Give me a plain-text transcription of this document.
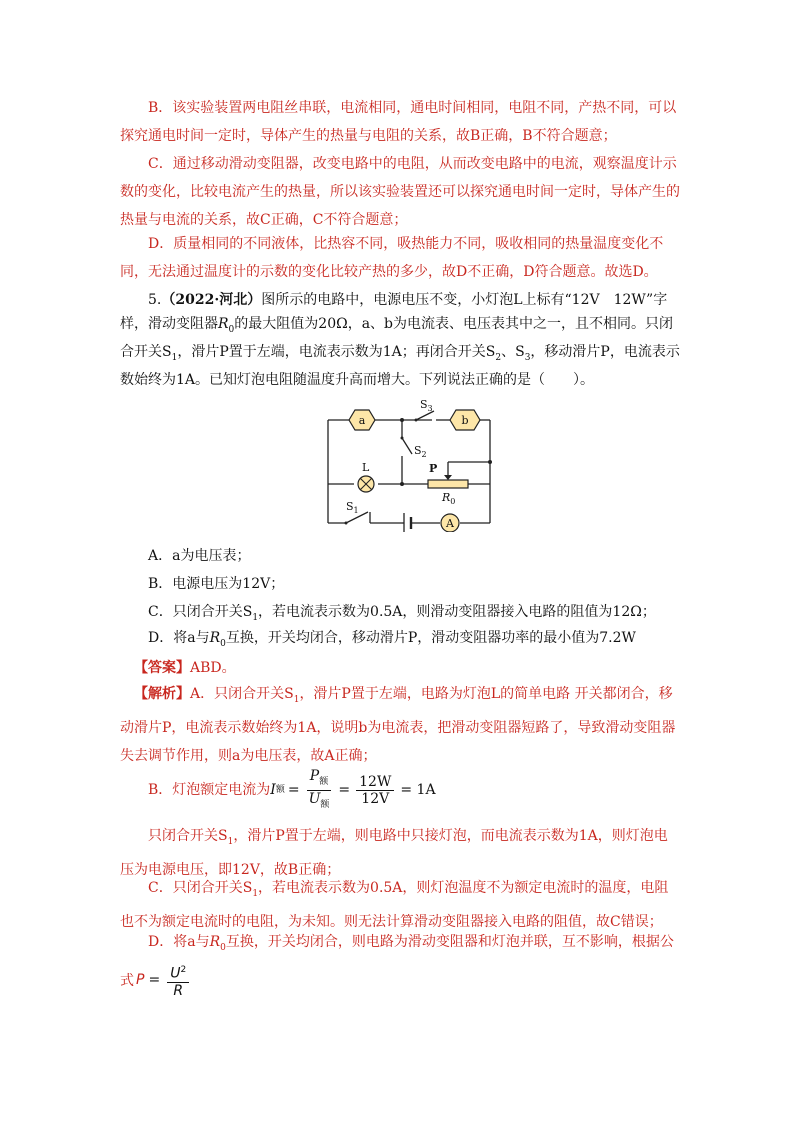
B．该实验装置两电阻丝串联，电流相同，通电时间相同，电阻不同，产热不同，可以探究通电时间一定时，导体产生的热量与电阻的关系，故B正确，B不符合题意；

C．通过移动滑动变阻器，改变电路中的电阻，从而改变电路中的电流，观察温度计示数的变化，比较电流产生的热量，所以该实验装置还可以探究通电时间一定时，导体产生的热量与电流的关系，故C正确，C不符合题意；

D．质量相同的不同液体，比热容不同，吸热能力不同，吸收相同的热量温度变化不同，无法通过温度计的示数的变化比较产热的多少，故D不正确，D符合题意。故选D。

5.（2022·河北）图所示的电路中，电源电压不变，小灯泡L上标有“12V　12W”字

样，滑动变阻器$R_0$的最大阻值为20Ω，a、b为电流表、电压表其中之一，且不相同。只闭

合开关$S_1$，滑片P置于左端，电流表示数为1A；再闭合开关$S_2$、$S_3$，移动滑片P，电流表示

数始终为1A。已知灯泡电阻随温度升高而增大。下列说法正确的是（　　）。

a	b
$S_3$
$S_2$
L	P
$R_0$
$S_1$
A

A．a为电压表；

B．电源电压为12V；

C．只闭合开关$S_1$，若电流表示数为0.5A，则滑动变阻器接入电路的阻值为12Ω；

D．将a与$R_0$互换，开关均闭合，移动滑片P，滑动变阻器功率的最小值为7.2W

【答案】ABD。

【解析】A．只闭合开关$S_1$，滑片P置于左端，电路为灯泡L的简单电路 开关都闭合，移动滑片P，电流表示数始终为1A，说明b为电流表，把滑动变阻器短路了，导致滑动变阻器失去调节作用，则a为电压表，故A正确；

B．灯泡额定电流为 I 额 = $\frac{P_额}{U_额} = \frac{12W}{12V} = 1A$

只闭合开关$S_1$，滑片P置于左端，则电路中只接灯泡，而电流表示数为1A，则灯泡电压为电源电压，即12V，故B正确；

C．只闭合开关$S_1$，若电流表示数为0.5A，则灯泡温度不为额定电流时的温度，电阻也不为额定电流时的电阻，为未知。则无法计算滑动变阻器接入电路的阻值，故C错误；

D．将a与$R_0$互换，开关均闭合，则电路为滑动变阻器和灯泡并联，互不影响，根据公

式 $P = \frac{U^2}{R}$
